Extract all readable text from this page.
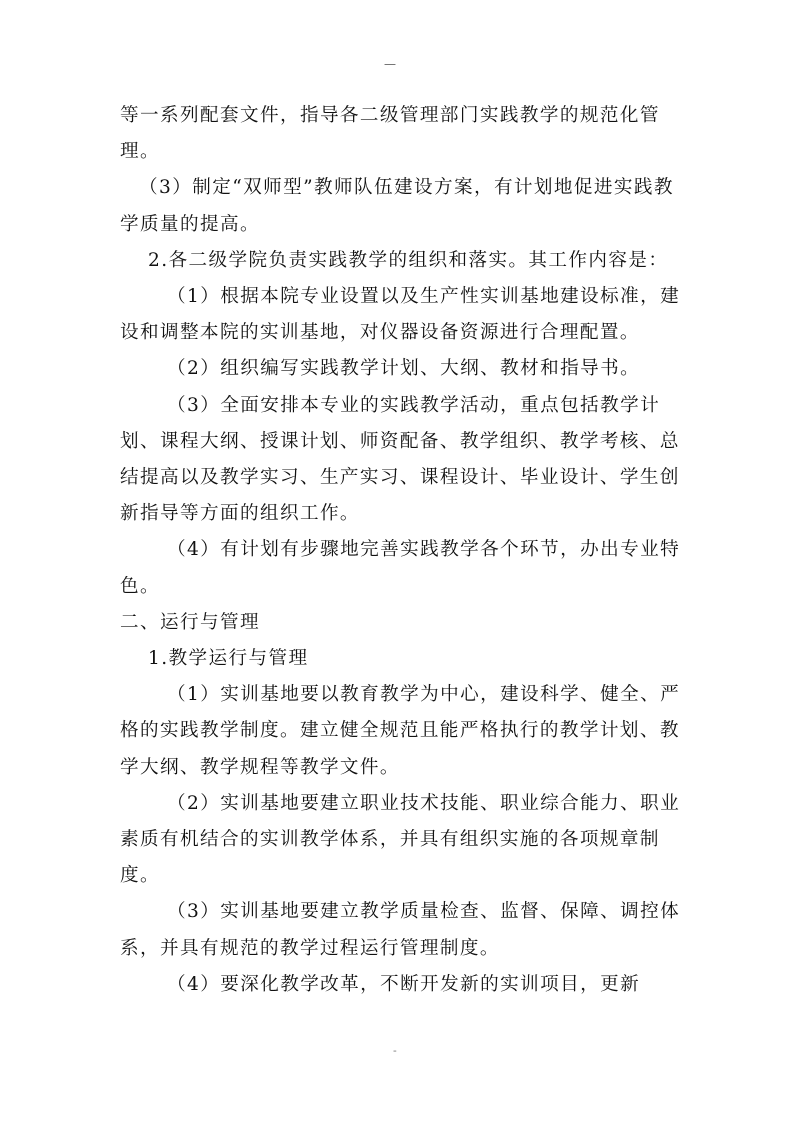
—

等一系列配套文件，指导各二级管理部门实践教学的规范化管理。

（3）制定“双师型”教师队伍建设方案，有计划地促进实践教学质量的提高。

2.各二级学院负责实践教学的组织和落实。其工作内容是：

（1）根据本院专业设置以及生产性实训基地建设标准，建设和调整本院的实训基地，对仪器设备资源进行合理配置。

（2）组织编写实践教学计划、大纲、教材和指导书。

（3）全面安排本专业的实践教学活动，重点包括教学计划、课程大纲、授课计划、师资配备、教学组织、教学考核、总结提高以及教学实习、生产实习、课程设计、毕业设计、学生创新指导等方面的组织工作。

（4）有计划有步骤地完善实践教学各个环节，办出专业特色。

二、运行与管理

1.教学运行与管理

（1）实训基地要以教育教学为中心，建设科学、健全、严格的实践教学制度。建立健全规范且能严格执行的教学计划、教学大纲、教学规程等教学文件。

（2）实训基地要建立职业技术技能、职业综合能力、职业素质有机结合的实训教学体系，并具有组织实施的各项规章制度。

（3）实训基地要建立教学质量检查、监督、保障、调控体系，并具有规范的教学过程运行管理制度。

（4）要深化教学改革，不断开发新的实训项目，更新

-
